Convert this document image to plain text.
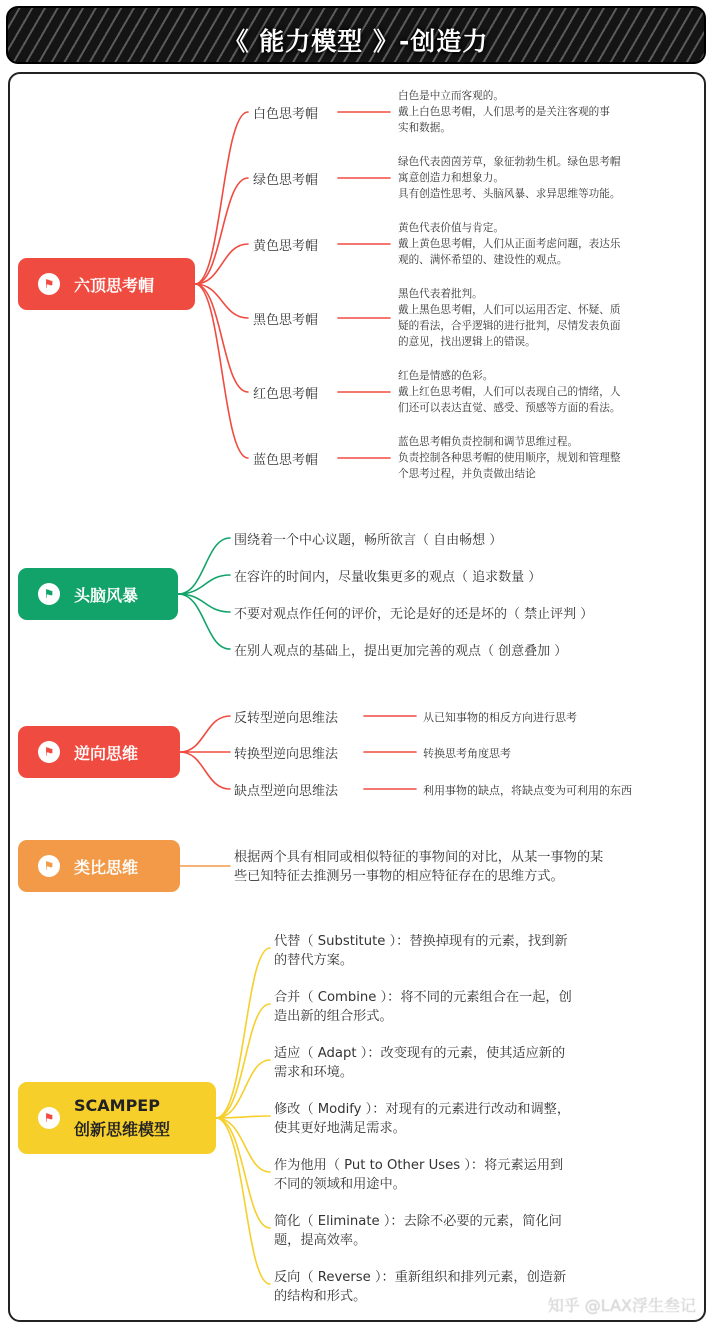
《 能力模型 》-创造力
⚑ 六顶思考帽
白色思考帽
绿色思考帽
黄色思考帽
黑色思考帽
红色思考帽
蓝色思考帽
白色是中立而客观的。
戴上白色思考帽，人们思考的是关注客观的事
实和数据。
绿色代表茵茵芳草，象征勃勃生机。绿色思考帽
寓意创造力和想象力。
具有创造性思考、头脑风暴、求异思维等功能。
黄色代表价值与肯定。
戴上黄色思考帽，人们从正面考虑问题，表达乐
观的、满怀希望的、建设性的观点。
黑色代表着批判。
戴上黑色思考帽，人们可以运用否定、怀疑、质
疑的看法，合乎逻辑的进行批判，尽情发表负面
的意见，找出逻辑上的错误。
红色是情感的色彩。
戴上红色思考帽，人们可以表现自己的情绪，人
们还可以表达直觉、感受、预感等方面的看法。
蓝色思考帽负责控制和调节思维过程。
负责控制各种思考帽的使用顺序，规划和管理整
个思考过程，并负责做出结论
⚑ 头脑风暴
围绕着一个中心议题，畅所欲言（ 自由畅想 ）
在容许的时间内，尽量收集更多的观点（ 追求数量 ）
不要对观点作任何的评价，无论是好的还是坏的（ 禁止评判 ）
在别人观点的基础上，提出更加完善的观点（ 创意叠加 ）
⚑ 逆向思维
反转型逆向思维法
转换型逆向思维法
缺点型逆向思维法
从已知事物的相反方向进行思考
转换思考角度思考
利用事物的缺点，将缺点变为可利用的东西
⚑ 类比思维	根据两个具有相同或相似特征的事物间的对比，从某一事物的某
些已知特征去推测另一事物的相应特征存在的思维方式。
⚑
SCAMPEP
创新思维模型
代替（ Substitute ）：替换掉现有的元素，找到新
的替代方案。
合并（ Combine ）：将不同的元素组合在一起，创
造出新的组合形式。
适应（ Adapt ）：改变现有的元素，使其适应新的
需求和环境。
修改（ Modify ）：对现有的元素进行改动和调整，
使其更好地满足需求。
作为他用（ Put to Other Uses ）：将元素运用到
不同的领域和用途中。
简化（ Eliminate ）：去除不必要的元素，简化问
题，提高效率。
反向（ Reverse ）：重新组织和排列元素，创造新
的结构和形式。	知乎 @LAX浮生叁记
